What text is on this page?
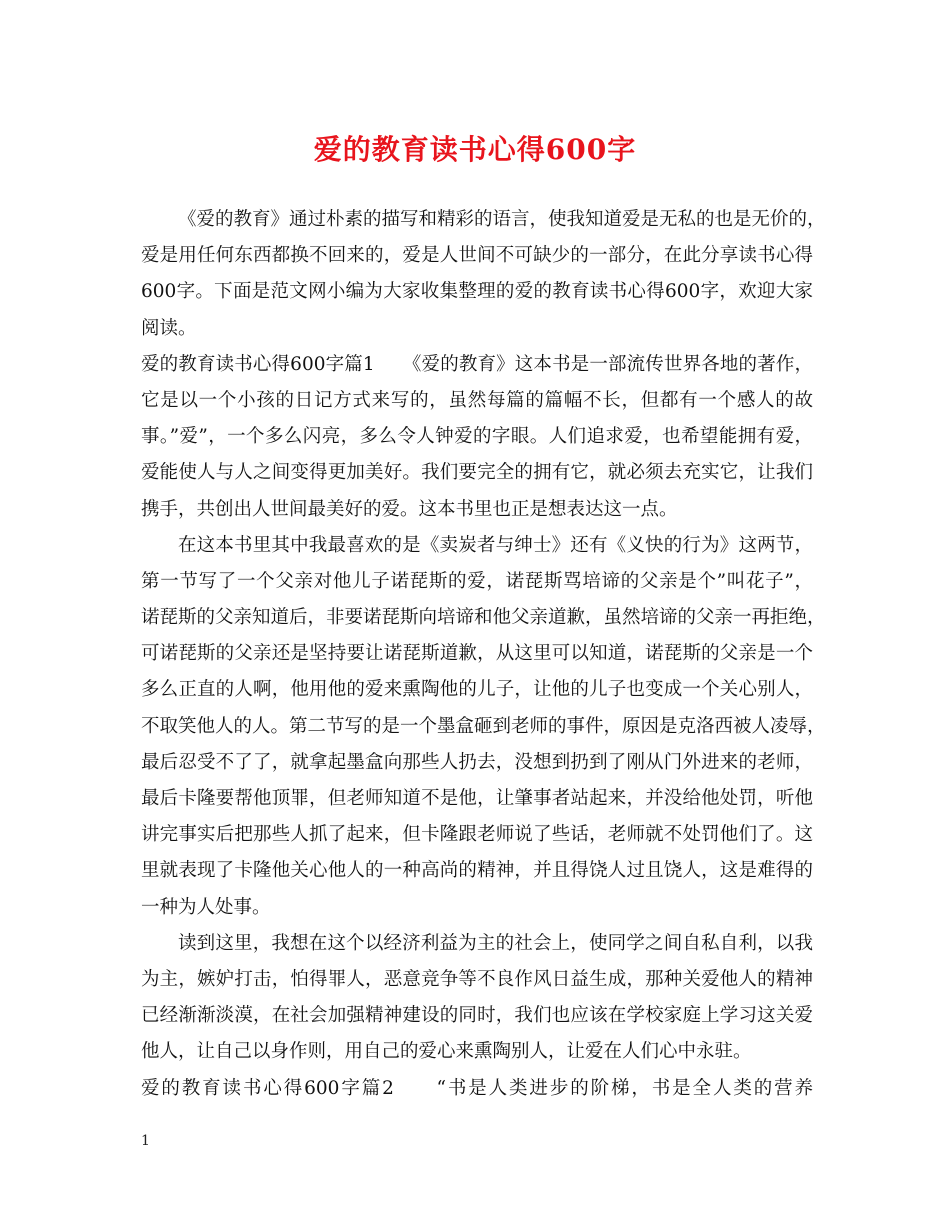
爱的教育读书心得600字
《爱的教育》通过朴素的描写和精彩的语言，使我知道爱是无私的也是无价的，
爱是用任何东西都换不回来的，爱是人世间不可缺少的一部分，在此分享读书心得
600字。下面是范文网小编为大家收集整理的爱的教育读书心得600字，欢迎大家
阅读。
爱的教育读书心得600字篇1　　《爱的教育》这本书是一部流传世界各地的著作，
它是以一个小孩的日记方式来写的，虽然每篇的篇幅不长，但都有一个感人的故
事。”爱”，一个多么闪亮，多么令人钟爱的字眼。人们追求爱，也希望能拥有爱，
爱能使人与人之间变得更加美好。我们要完全的拥有它，就必须去充实它，让我们
携手，共创出人世间最美好的爱。这本书里也正是想表达这一点。
在这本书里其中我最喜欢的是《卖炭者与绅士》还有《义快的行为》这两节，
第一节写了一个父亲对他儿子诺琵斯的爱，诺琵斯骂培谛的父亲是个”叫花子”，
诺琵斯的父亲知道后，非要诺琵斯向培谛和他父亲道歉，虽然培谛的父亲一再拒绝，
可诺琵斯的父亲还是坚持要让诺琵斯道歉，从这里可以知道，诺琵斯的父亲是一个
多么正直的人啊，他用他的爱来熏陶他的儿子，让他的儿子也变成一个关心别人，
不取笑他人的人。第二节写的是一个墨盒砸到老师的事件，原因是克洛西被人凌辱，
最后忍受不了了，就拿起墨盒向那些人扔去，没想到扔到了刚从门外进来的老师，
最后卡隆要帮他顶罪，但老师知道不是他，让肇事者站起来，并没给他处罚，听他
讲完事实后把那些人抓了起来，但卡隆跟老师说了些话，老师就不处罚他们了。这
里就表现了卡隆他关心他人的一种高尚的精神，并且得饶人过且饶人，这是难得的
一种为人处事。
读到这里，我想在这个以经济利益为主的社会上，使同学之间自私自利，以我
为主，嫉妒打击，怕得罪人，恶意竞争等不良作风日益生成，那种关爱他人的精神
已经渐渐淡漠，在社会加强精神建设的同时，我们也应该在学校家庭上学习这关爱
他人，让自己以身作则，用自己的爱心来熏陶别人，让爱在人们心中永驻。
爱的教育读书心得600字篇2　　“书是人类进步的阶梯，书是全人类的营养
1
